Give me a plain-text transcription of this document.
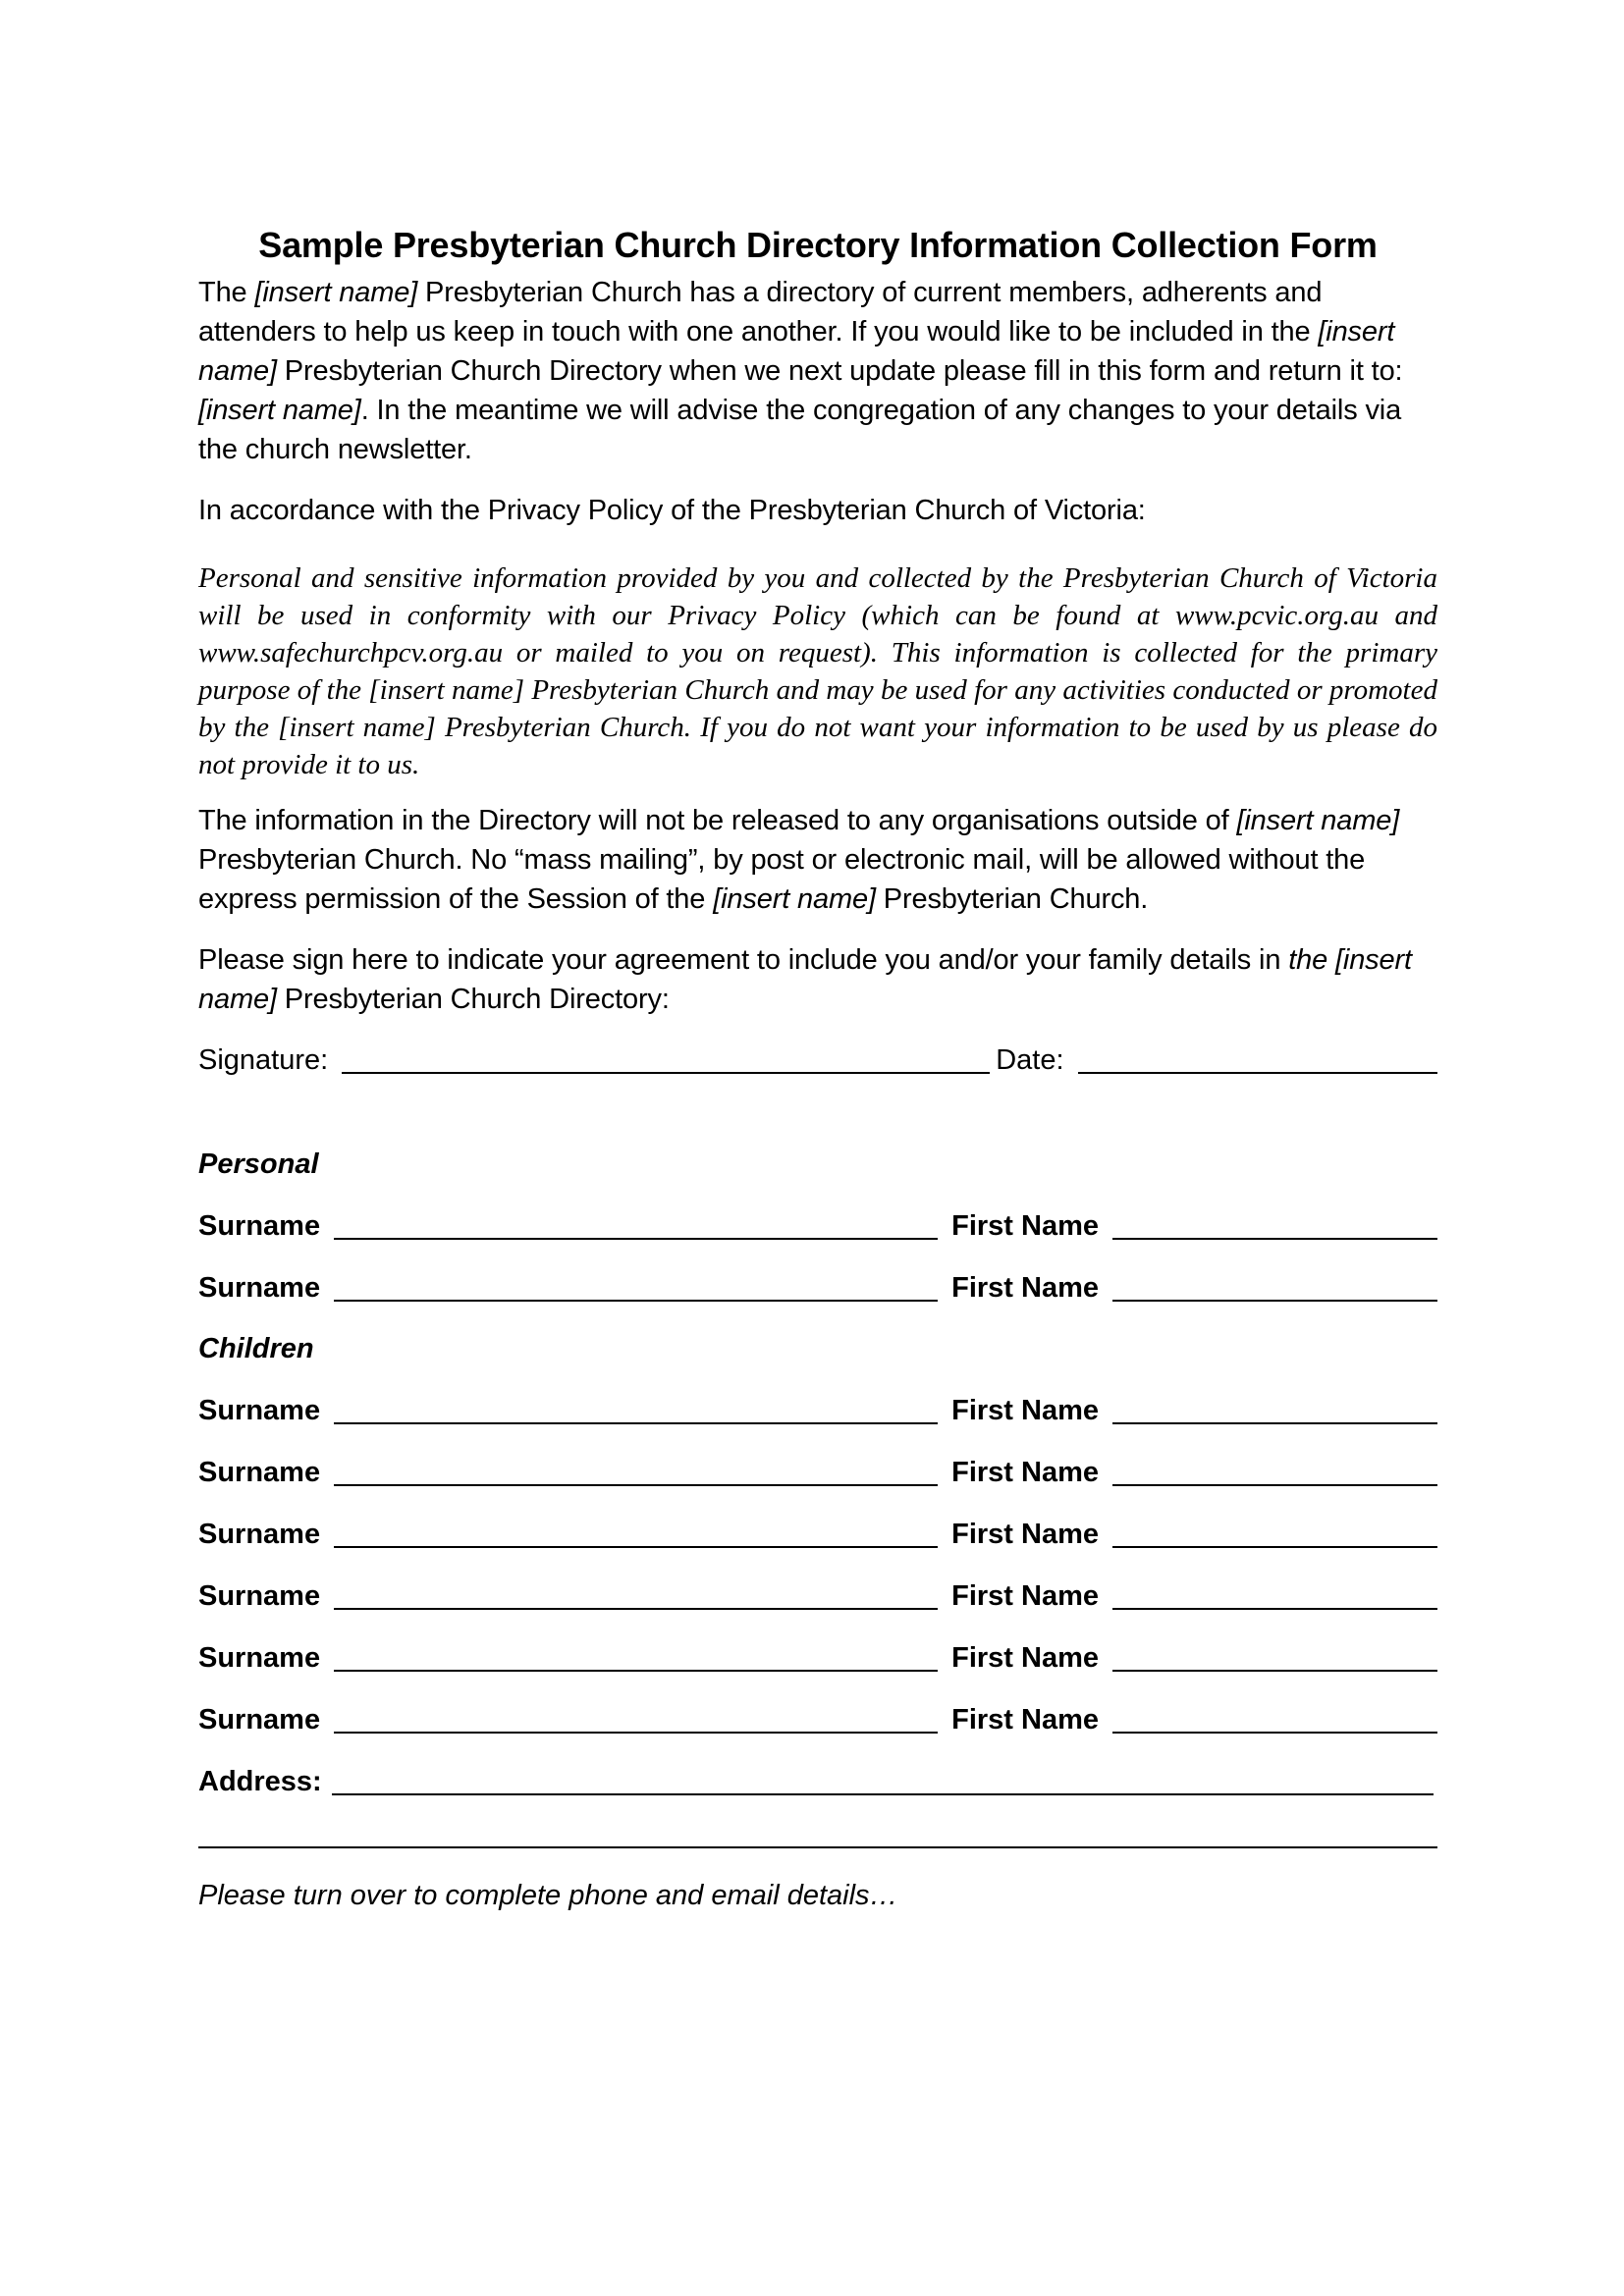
Sample Presbyterian Church Directory Information Collection Form

The [insert name] Presbyterian Church has a directory of current members, adherents and attenders to help us keep in touch with one another. If you would like to be included in the [insert name] Presbyterian Church Directory when we next update please fill in this form and return it to: [insert name]. In the meantime we will advise the congregation of any changes to your details via the church newsletter.

In accordance with the Privacy Policy of the Presbyterian Church of Victoria:

Personal and sensitive information provided by you and collected by the Presbyterian Church of Victoria will be used in conformity with our Privacy Policy (which can be found at www.pcvic.org.au and www.safechurchpcv.org.au or mailed to you on request). This information is collected for the primary purpose of the [insert name] Presbyterian Church and may be used for any activities conducted or promoted by the [insert name] Presbyterian Church. If you do not want your information to be used by us please do not provide it to us.

The information in the Directory will not be released to any organisations outside of [insert name] Presbyterian Church. No “mass mailing”, by post or electronic mail, will be allowed without the express permission of the Session of the [insert name] Presbyterian Church.

Please sign here to indicate your agreement to include you and/or your family details in the [insert name] Presbyterian Church Directory:

Signature:	Date:

Personal

Surname	First Name
Surname	First Name

Children

Surname	First Name
Surname	First Name
Surname	First Name
Surname	First Name
Surname	First Name
Surname	First Name
Address:

Please turn over to complete phone and email details…
